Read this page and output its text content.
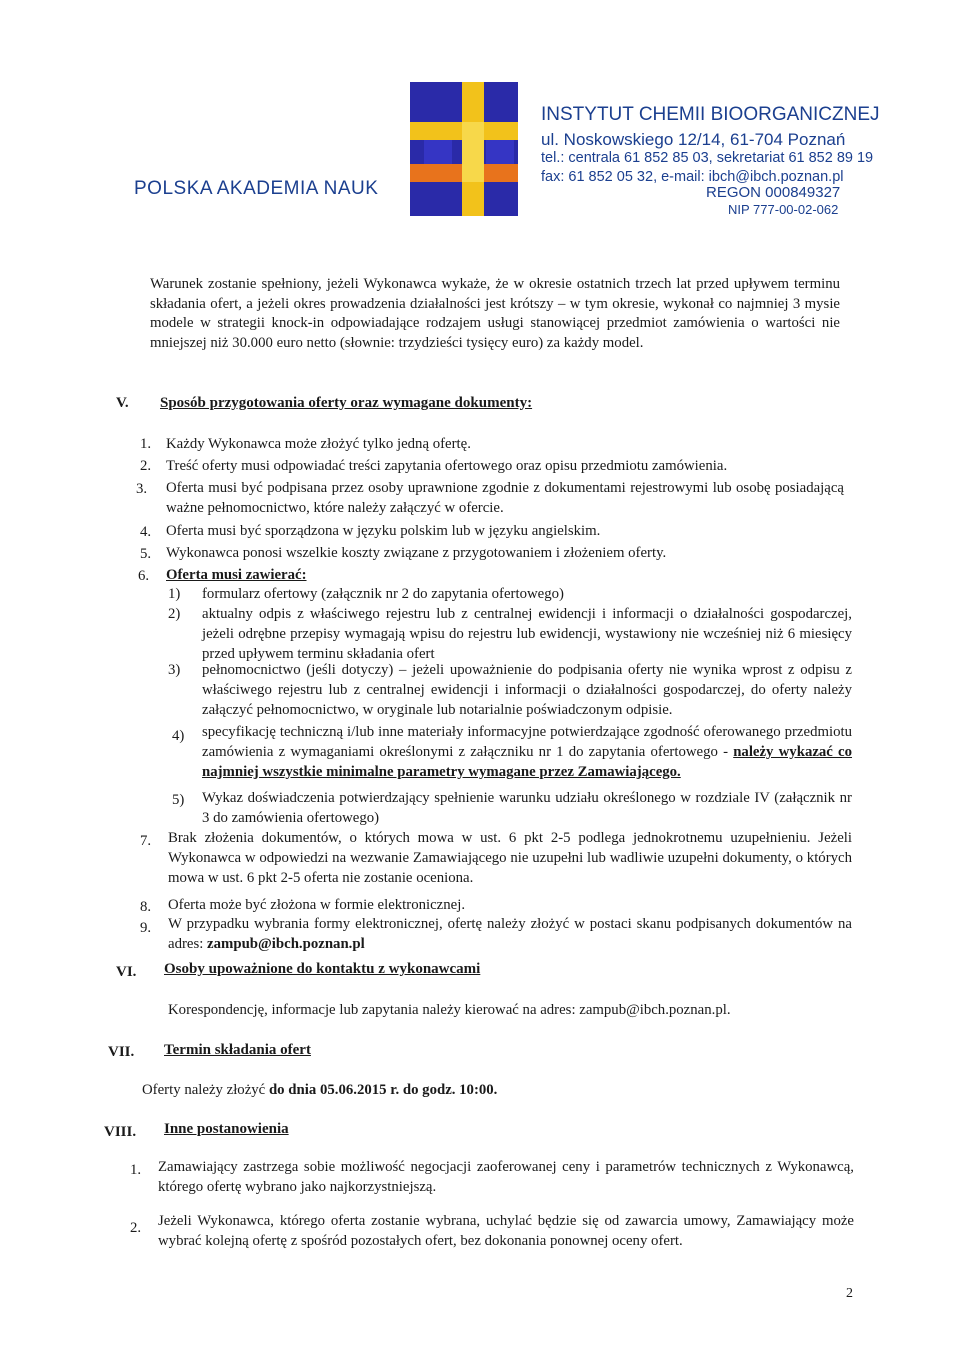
POLSKA AKADEMIA NAUK
INSTYTUT CHEMII BIOORGANICZNEJ
ul. Noskowskiego 12/14, 61-704 Poznań
tel.: centrala 61 852 85 03, sekretariat 61 852 89 19
fax: 61 852 05 32, e-mail: ibch@ibch.poznan.pl
REGON 000849327
NIP 777-00-02-062
Warunek zostanie spełniony, jeżeli Wykonawca wykaże, że w okresie ostatnich trzech lat przed upływem terminu składania ofert, a jeżeli okres prowadzenia działalności jest krótszy – w tym okresie, wykonał co najmniej 3 mysie modele w strategii knock-in odpowiadające rodzajem usługi stanowiącej przedmiot zamówienia o wartości nie mniejszej niż 30.000 euro netto (słownie: trzydzieści tysięcy euro) za każdy model.
V. Sposób przygotowania oferty oraz wymagane dokumenty:
1. Każdy Wykonawca może złożyć tylko jedną ofertę.
2. Treść oferty musi odpowiadać treści zapytania ofertowego oraz opisu przedmiotu zamówienia.
3. Oferta musi być podpisana przez osoby uprawnione zgodnie z dokumentami rejestrowymi lub osobę posiadającą ważne pełnomocnictwo, które należy załączyć w ofercie.
4. Oferta musi być sporządzona w języku polskim lub w języku angielskim.
5. Wykonawca ponosi wszelkie koszty związane z przygotowaniem i złożeniem oferty.
6. Oferta musi zawierać:
1) formularz ofertowy (załącznik nr 2 do zapytania ofertowego)
2) aktualny odpis z właściwego rejestru lub z centralnej ewidencji i informacji o działalności gospodarczej, jeżeli odrębne przepisy wymagają wpisu do rejestru lub ewidencji, wystawiony nie wcześniej niż 6 miesięcy przed upływem terminu składania ofert
3) pełnomocnictwo (jeśli dotyczy) – jeżeli upoważnienie do podpisania oferty nie wynika wprost z odpisu z właściwego rejestru lub z centralnej ewidencji i informacji o działalności gospodarczej, do oferty należy załączyć pełnomocnictwo, w oryginale lub notarialnie poświadczonym odpisie.
4) specyfikację techniczną i/lub inne materiały informacyjne potwierdzające zgodność oferowanego przedmiotu zamówienia z wymaganiami określonymi z załączniku nr 1 do zapytania ofertowego - należy wykazać co najmniej wszystkie minimalne parametry wymagane przez Zamawiającego.
5) Wykaz doświadczenia potwierdzający spełnienie warunku udziału określonego w rozdziale IV (załącznik nr 3 do zamówienia ofertowego)
7. Brak złożenia dokumentów, o których mowa w ust. 6 pkt 2-5 podlega jednokrotnemu uzupełnieniu. Jeżeli Wykonawca w odpowiedzi na wezwanie Zamawiającego nie uzupełni lub wadliwie uzupełni dokumenty, o których mowa w ust. 6 pkt 2-5 oferta nie zostanie oceniona.
8. Oferta może być złożona w formie elektronicznej.
9. W przypadku wybrania formy elektronicznej, ofertę należy złożyć w postaci skanu podpisanych dokumentów na adres: zampub@ibch.poznan.pl
VI. Osoby upoważnione do kontaktu z wykonawcami
Korespondencję, informacje lub zapytania należy kierować na adres: zampub@ibch.poznan.pl.
VII. Termin składania ofert
Oferty należy złożyć do dnia 05.06.2015 r. do godz. 10:00.
VIII. Inne postanowienia
1. Zamawiający zastrzega sobie możliwość negocjacji zaoferowanej ceny i parametrów technicznych z Wykonawcą, którego ofertę wybrano jako najkorzystniejszą.
2. Jeżeli Wykonawca, którego oferta zostanie wybrana, uchylać będzie się od zawarcia umowy, Zamawiający może wybrać kolejną ofertę z spośród pozostałych ofert, bez dokonania ponownej oceny ofert.
2
